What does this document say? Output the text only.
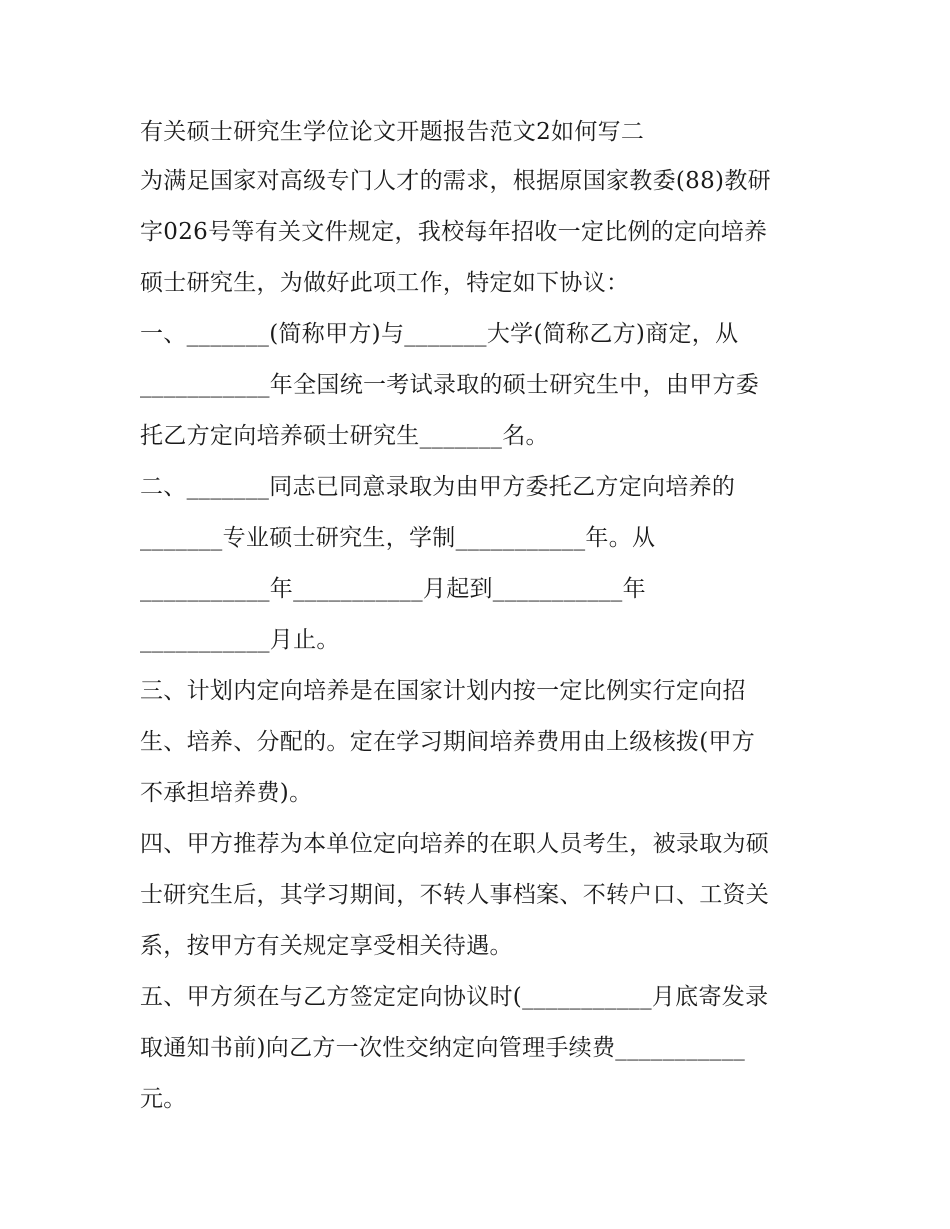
有关硕士研究生学位论文开题报告范文2如何写二
为满足国家对高级专门人才的需求，根据原国家教委(88)教研
字026号等有关文件规定，我校每年招收一定比例的定向培养
硕士研究生，为做好此项工作，特定如下协议：
一、_______(简称甲方)与_______大学(简称乙方)商定，从
___________年全国统一考试录取的硕士研究生中，由甲方委
托乙方定向培养硕士研究生_______名。
二、_______同志已同意录取为由甲方委托乙方定向培养的
_______专业硕士研究生，学制___________年。从
___________年___________月起到___________年
___________月止。
三、计划内定向培养是在国家计划内按一定比例实行定向招
生、培养、分配的。定在学习期间培养费用由上级核拨(甲方
不承担培养费)。
四、甲方推荐为本单位定向培养的在职人员考生，被录取为硕
士研究生后，其学习期间，不转人事档案、不转户口、工资关
系，按甲方有关规定享受相关待遇。
五、甲方须在与乙方签定定向协议时(___________月底寄发录
取通知书前)向乙方一次性交纳定向管理手续费___________
元。
